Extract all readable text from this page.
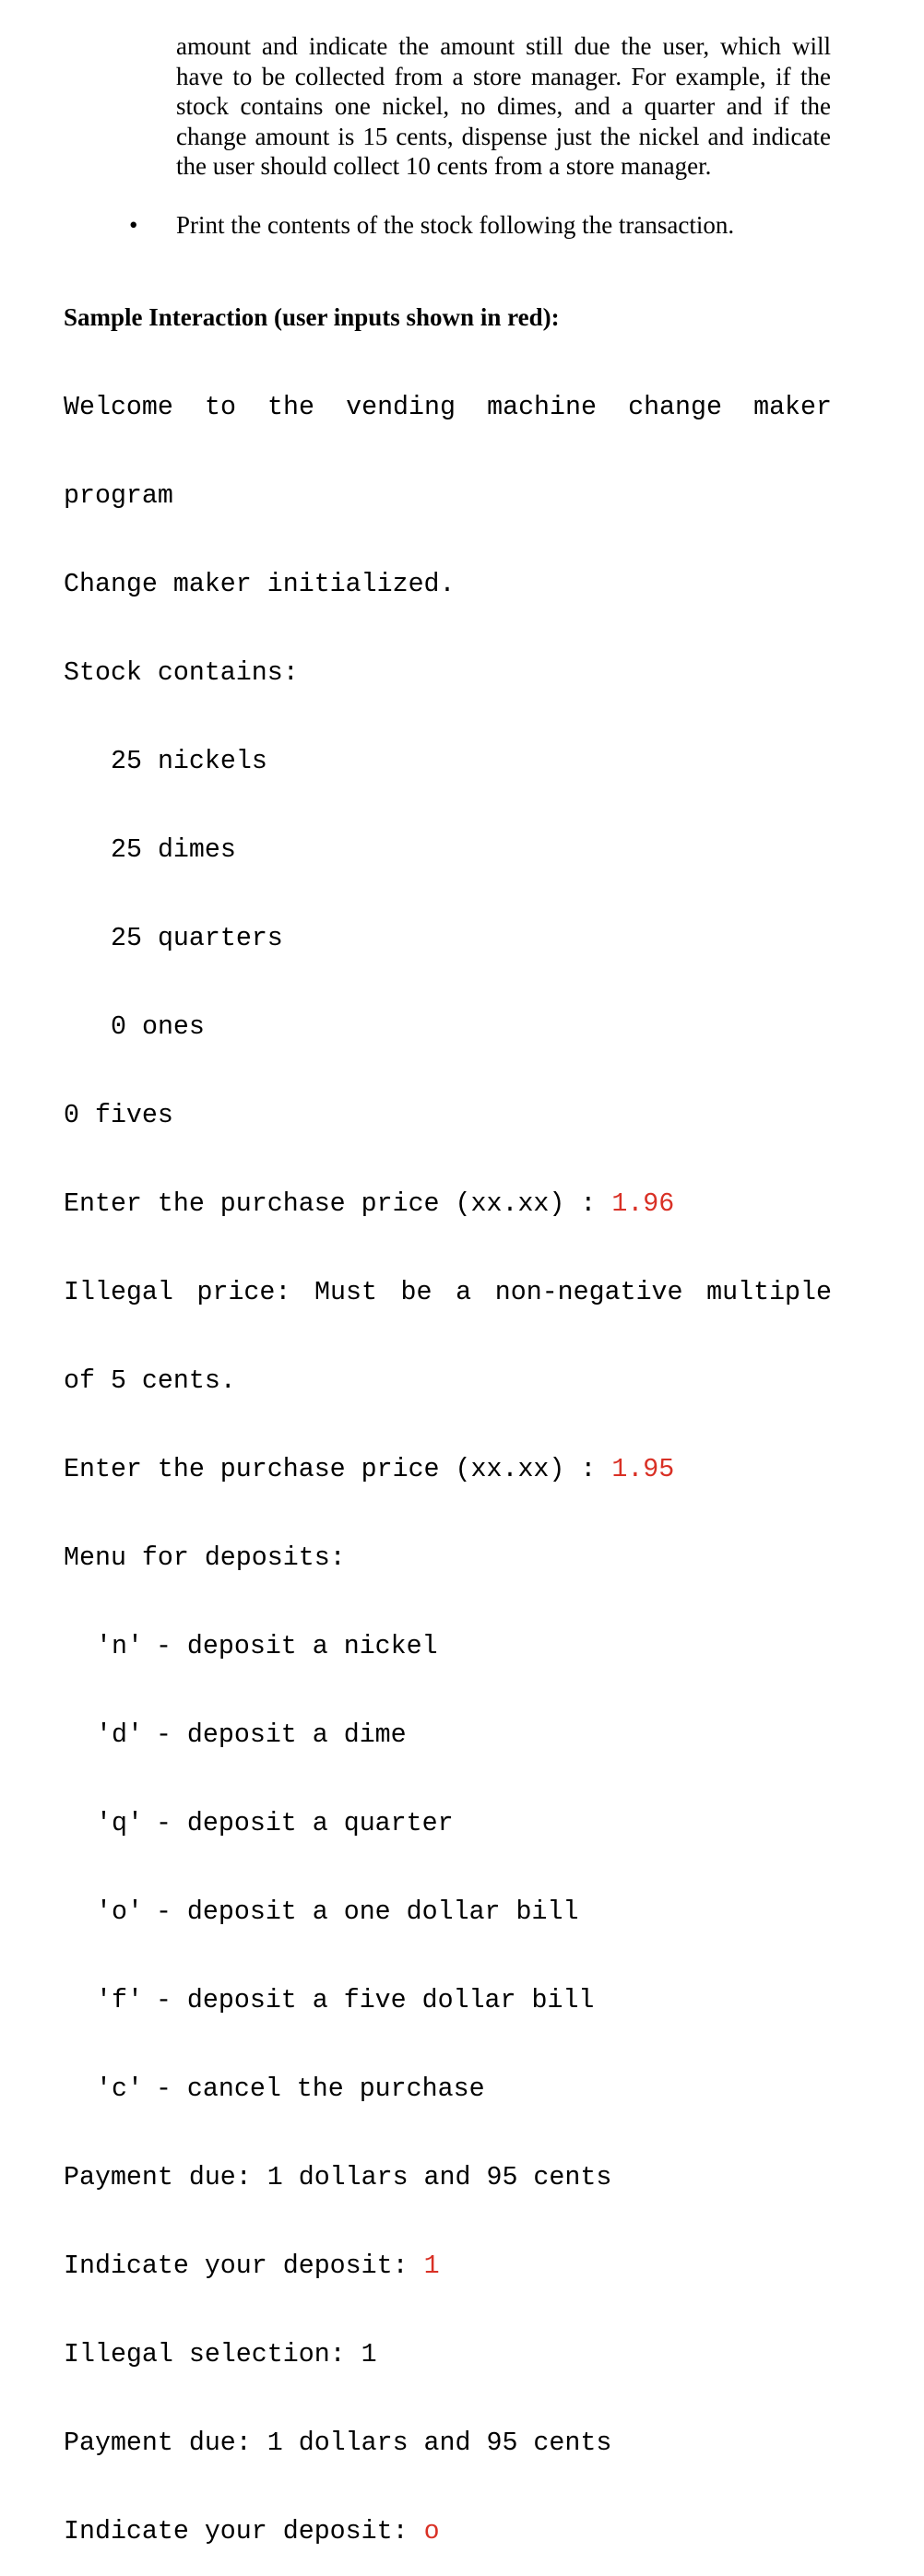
amount and indicate the amount still due the user, which will have to be collected from a store manager. For example, if the stock contains one nickel, no dimes, and a quarter and if the change amount is 15 cents, dispense just the nickel and indicate the user should collect 10 cents from a store manager.

•	Print the contents of the stock following the transaction.
Sample Interaction (user inputs shown in red):

Welcome to the vending machine change maker

program

Change maker initialized.

Stock contains:

25 nickels

25 dimes

25 quarters

0 ones

0 fives

Enter the purchase price (xx.xx) : 1.96

Illegal price: Must be a non-negative multiple

of 5 cents.

Enter the purchase price (xx.xx) : 1.95

Menu for deposits:

'n' - deposit a nickel

'd' - deposit a dime

'q' - deposit a quarter

'o' - deposit a one dollar bill

'f' - deposit a five dollar bill

'c' - cancel the purchase

Payment due: 1 dollars and 95 cents

Indicate your deposit: 1

Illegal selection: 1

Payment due: 1 dollars and 95 cents

Indicate your deposit: o
